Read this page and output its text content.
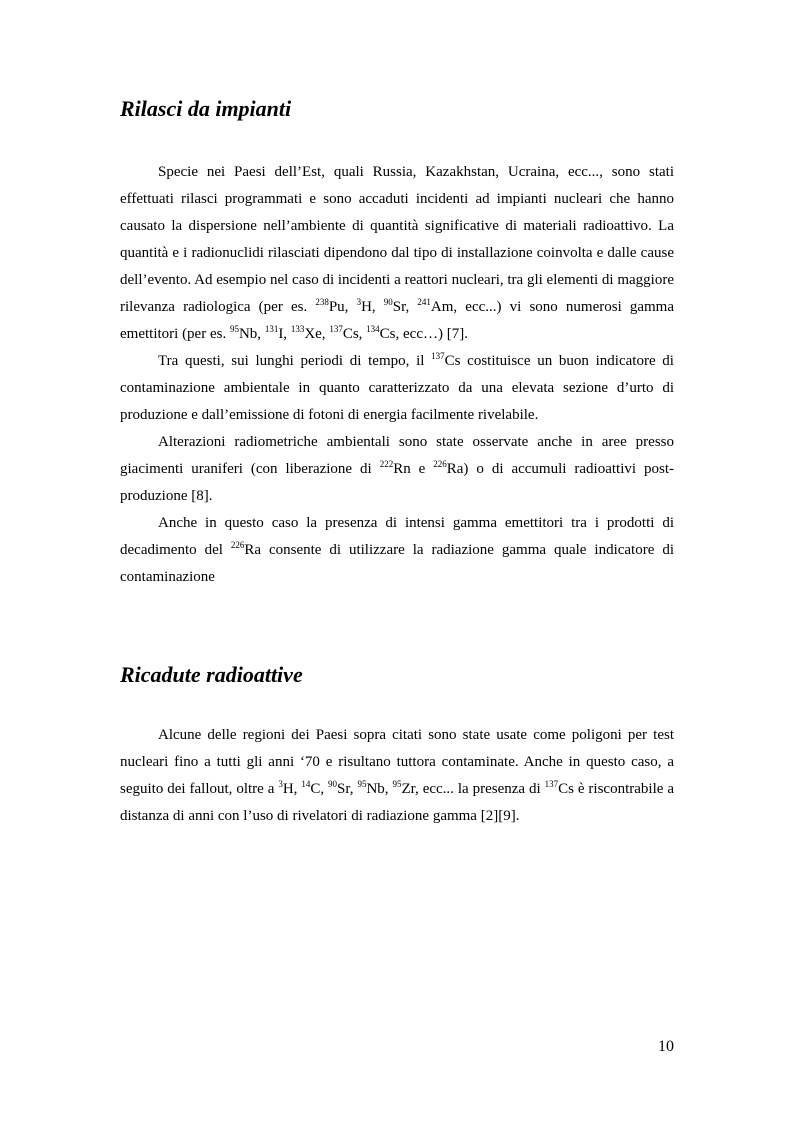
Rilasci da impianti

Specie nei Paesi dell’Est, quali Russia, Kazakhstan, Ucraina, ecc..., sono stati effettuati rilasci programmati e sono accaduti incidenti ad impianti nucleari che hanno causato la dispersione nell’ambiente di quantità significative di materiali radioattivo. La quantità e i radionuclidi rilasciati dipendono dal tipo di installazione coinvolta e dalle cause dell’evento. Ad esempio nel caso di incidenti a reattori nucleari, tra gli elementi di maggiore rilevanza radiologica (per es. $^{238}$Pu, $^3$H, $^{90}$Sr, $^{241}$Am, ecc...) vi sono numerosi gamma emettitori (per es. $^{95}$Nb, $^{131}$I, $^{133}$Xe, $^{137}$Cs, $^{134}$Cs, ecc…) [7].

Tra questi, sui lunghi periodi di tempo, il $^{137}$Cs costituisce un buon indicatore di contaminazione ambientale in quanto caratterizzato da una elevata sezione d’urto di produzione e dall’emissione di fotoni di energia facilmente rivelabile.

Alterazioni radiometriche ambientali sono state osservate anche in aree presso giacimenti uraniferi (con liberazione di $^{222}$Rn e $^{226}$Ra) o di accumuli radioattivi post-produzione [8].

Anche in questo caso la presenza di intensi gamma emettitori tra i prodotti di decadimento del $^{226}$Ra consente di utilizzare la radiazione gamma quale indicatore di contaminazione

Ricadute radioattive

Alcune delle regioni dei Paesi sopra citati sono state usate come poligoni per test nucleari fino a tutti gli anni ‘70 e risultano tuttora contaminate. Anche in questo caso, a seguito dei fallout, oltre a $^3$H, $^{14}$C, $^{90}$Sr, $^{95}$Nb, $^{95}$Zr, ecc... la presenza di $^{137}$Cs è riscontrabile a distanza di anni con l’uso di rivelatori di radiazione gamma [2][9].

10
